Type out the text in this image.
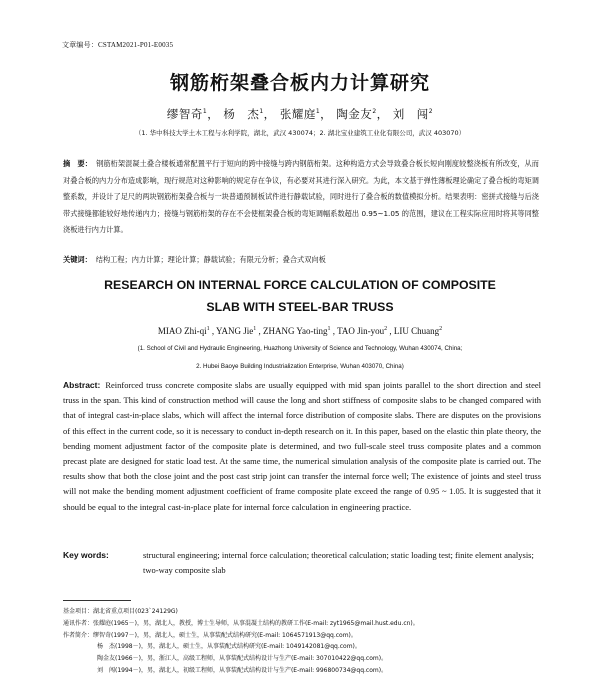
文章编号：CSTAM2021-P01-E0035
钢筋桁架叠合板内力计算研究
缪智奇$^1$， 杨　杰$^1$， 张耀庭$^1$， 陶金友$^2$， 刘　闯$^2$
（1. 华中科技大学土木工程与水利学院，湖北，武汉 430074；2. 湖北宝业建筑工业化有限公司，武汉 403070）
摘　要： 钢筋桁架混凝土叠合楼板通常配置平行于短向的跨中接缝与跨内钢筋桁架。这种构造方式会导致叠合板长短向刚度较整浇板有所改变，从而对叠合板的内力分布造成影响，现行规范对这种影响的规定存在争议，有必要对其进行深入研究。为此，本文基于弹性薄板理论确定了叠合板的弯矩调整系数，并设计了足尺的两块钢筋桁架叠合板与一块普通预制板试件进行静载试验，同时进行了叠合板的数值模拟分析。结果表明：密拼式接缝与后浇带式接缝都能较好地传递内力；接缝与钢筋桁架的存在不会使框架叠合板的弯矩调幅系数超出 0.95~1.05 的范围，建议在工程实际应用时将其等同整浇板进行内力计算。
关键词： 结构工程；内力计算；理论计算；静载试验；有限元分析；叠合式双向板
RESEARCH ON INTERNAL FORCE CALCULATION OF COMPOSITE
SLAB WITH STEEL-BAR TRUSS
MIAO Zhi-$qi^1$ , YANG Jie$^1$ , ZHANG Yao-ting$^1$ , TAO Jin-you$^2$ , LIU Chuang$^2$
(1. School of Civil and Hydraulic Engineering, Huazhong University of Science and Technology, Wuhan 430074, China;
2. Hubei Baoye Building Industrialization Enterprise, Wuhan 403070, China)
Abstract: Reinforced truss concrete composite slabs are usually equipped with mid span joints parallel to the short direction and steel truss in the span. This kind of construction method will cause the long and short stiffness of composite slabs to be changed compared with that of integral cast-in-place slabs, which will affect the internal force distribution of composite slabs. There are disputes on the provisions of this effect in the current code, so it is necessary to conduct in-depth research on it. In this paper, based on the elastic thin plate theory, the bending moment adjustment factor of the composite plate is determined, and two full-scale steel truss composite plates and a common precast plate are designed for static load test. At the same time, the numerical simulation analysis of the composite plate is carried out. The results show that both the close joint and the post cast strip joint can transfer the internal force well; The existence of joints and steel truss will not make the bending moment adjustment coefficient of frame composite plate exceed the range of 0.95 ~ 1.05. It is suggested that it should be equal to the integral cast-in-place plate for internal force calculation in engineering practice.
Key words:	structural engineering; internal force calculation; theoretical calculation; static loading test; finite element analysis; two-way composite slab
基金项目：湖北省重点项目(023`24129G)
通讯作者：张耀庭(1965－)，男，湖北人，教授，博士生导师，从事混凝土结构的教研工作(E-mail: zyt1965@mail.hust.edu.cn)。
作者简介：缪智奇(1997－)，男，湖北人，硕士生，从事装配式结构研究(E-mail: 1064571913@qq.com)。
杨　杰(1998－)，男，湖北人，硕士生，从事装配式结构研究(E-mail: 1049142081@qq.com)。
陶金友(1966－)，男，浙江人，高级工程师，从事装配式结构设计与生产(E-mail: 307010422@qq.com)。
刘　闯(1994－)，男，湖北人，初级工程师，从事装配式结构设计与生产(E-mail: 996800734@qq.com)。
